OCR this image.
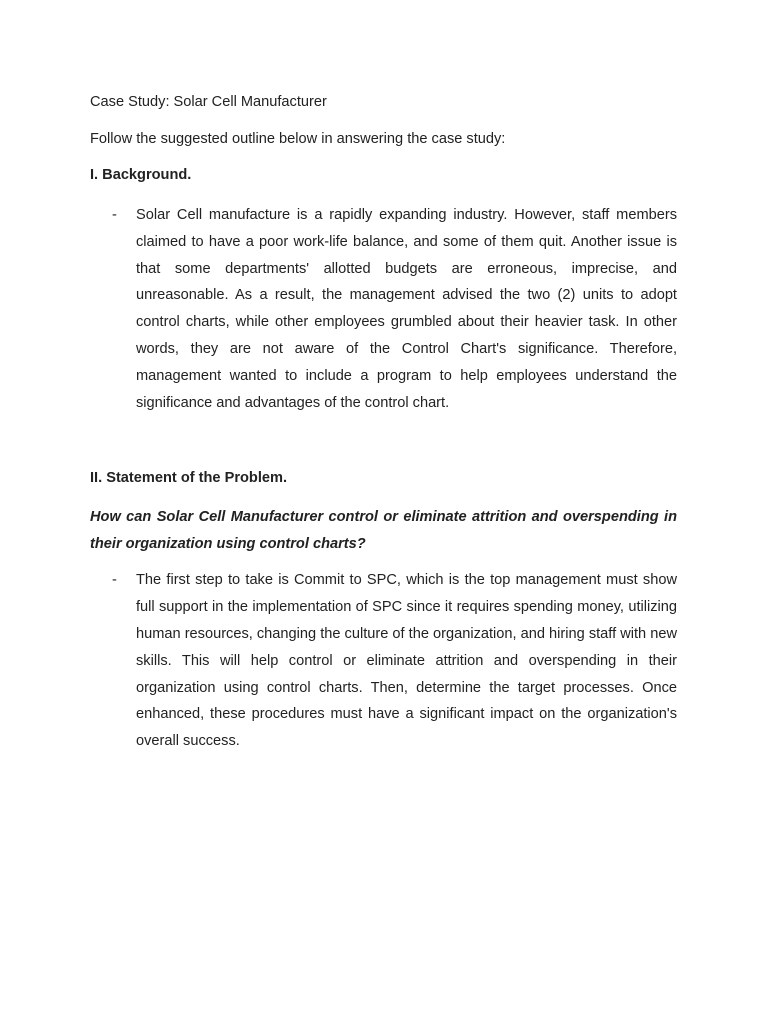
Case Study: Solar Cell Manufacturer

Follow the suggested outline below in answering the case study:

I. Background.

- Solar Cell manufacture is a rapidly expanding industry. However, staff members claimed to have a poor work-life balance, and some of them quit. Another issue is that some departments' allotted budgets are erroneous, imprecise, and unreasonable. As a result, the management advised the two (2) units to adopt control charts, while other employees grumbled about their heavier task. In other words, they are not aware of the Control Chart's significance. Therefore, management wanted to include a program to help employees understand the significance and advantages of the control chart.

II. Statement of the Problem.

How can Solar Cell Manufacturer control or eliminate attrition and overspending in their organization using control charts?

- The first step to take is Commit to SPC, which is the top management must show full support in the implementation of SPC since it requires spending money, utilizing human resources, changing the culture of the organization, and hiring staff with new skills. This will help control or eliminate attrition and overspending in their organization using control charts. Then, determine the target processes. Once enhanced, these procedures must have a significant impact on the organization's overall success.
